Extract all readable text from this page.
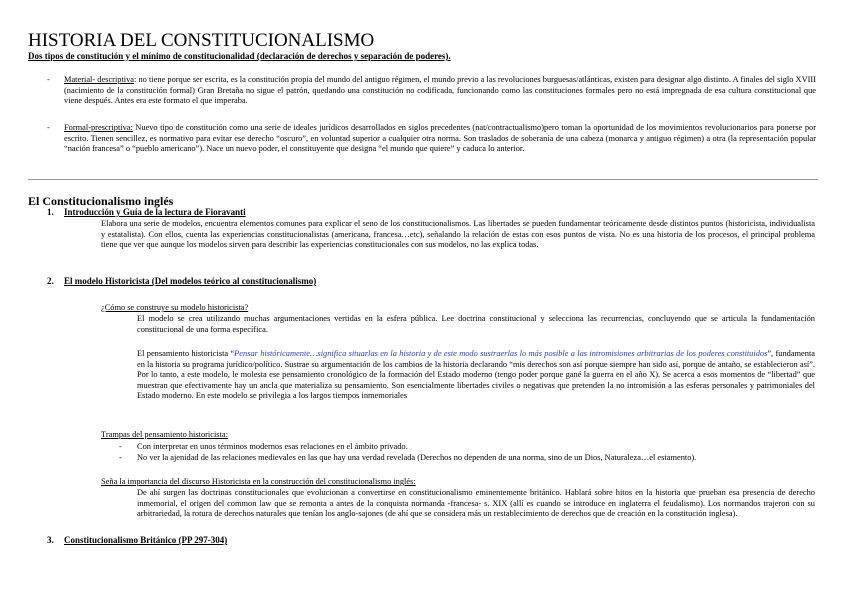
HISTORIA DEL CONSTITUCIONALISMO
Dos tipos de constitución y el mínimo de constitucionalidad (declaración de derechos y separación de poderes).
- Material- descriptiva: no tiene porque ser escrita, es la constitución propia del mundo del antiguo régimen, el mundo previo a las revoluciones burguesas/atlánticas, existen para designar algo distinto. A finales del siglo XVIII (nacimiento de la constitución formal) Gran Bretaña no sigue el patrón, quedando una constitución no codificada, funcionando como las constituciones formales pero no está impregnada de esa cultura constitucional que viene después. Antes era este formato el que imperaba.
- Formal-prescriptiva: Nuevo tipo de constitución como una serie de ideales jurídicos desarrollados en siglos precedentes (nat/contractualismo)pero toman la oportunidad de los movimientos revolucionarios para ponerse por escrito. Tienen sencillez, es normativo para evitar ese derecho “oscuro”, en voluntad superior a cualquier otra norma. Son traslados de soberanía de una cabeza (monarca y antiguo régimen) a otra (la representación popular “nación francesa” o “pueblo americano”). Nace un nuevo poder, el constituyente que designa “el mundo que quiere” y caduca lo anterior.
El Constitucionalismo inglés
1. Introducción y Guía de la lectura de Fioravanti
Elabora una serie de modelos, encuentra elementos comunes para explicar el seno de los constitucionalismos. Las libertades se pueden fundamentar teóricamente desde distintos puntos (historicista, individualista y estatalista). Con ellos, cuenta las experiencias constitucionalistas (americana, francesa…etc), señalando la relación de estas con esos puntos de vista. No es una historia de los procesos, el principal problema tiene que ver que aunque los modelos sirven para describir las experiencias constitucionales con sus modelos, no las explica todas.
2. El modelo Historicista (Del modelos teórico al constitucionalismo)
¿Cómo se construye su modelo historicista?
El modelo se crea utilizando muchas argumentaciones vertidas en la esfera pública. Lee doctrina constitucional y selecciona las recurrencias, concluyendo que se articula la fundamentación constitucional de una forma específica.
El pensamiento historicista “Pensar históricamente…significa situarlas en la historia y de este modo sustraerlas lo más posible a las intromisiones arbitrarias de los poderes constituidos”, fundamenta en la historia su programa jurídico/político. Sustrae su argumentación de los cambios de la historia declarando “mis derechos son así porque siempre han sido así, porque de antaño, se establecieron así”. Por lo tanto, a este modelo, le molesta ese pensamiento cronológico de la formación del Estado moderno (tengo poder porque gané la guerra en el año X). Se acerca a esos momentos de “libertad” que muestran que efectivamente hay un ancla que materializa su pensamiento. Son esencialmente libertades civiles o negativas que pretenden la no intromisión a las esferas personales y patrimoniales del Estado moderno. En este modelo se privilegia a los largos tiempos inmemoriales
Trampas del pensamiento historicista:
- Con interpretar en unos términos modernos esas relaciones en el ámbito privado.
- No ver la ajenidad de las relaciones medievales en las que hay una verdad revelada (Derechos no dependen de una norma, sino de un Dios, Naturaleza…el estamento).
Seña la importancia del discurso Historicista en la construcción del constitucionalismo inglés:
De ahí surgen las doctrinas constitucionales que evolucionan a convertirse en constitucionalismo eminentemente británico. Hablará sobre hitos en la historia que prueban esa presencia de derecho inmemorial, el origen del common law que se remonta a antes de la conquista normanda -francesa- s. XIX (allí es cuando se introduce en inglaterra el feudalismo). Los normandos trajeron con su arbitrariedad, la rotura de derechos naturales que tenían los anglo-sajones (de ahí que se considera más un restablecimiento de derechos que de creación en la constitución inglesa).
3. Constitucionalismo Británico (PP 297-304)
